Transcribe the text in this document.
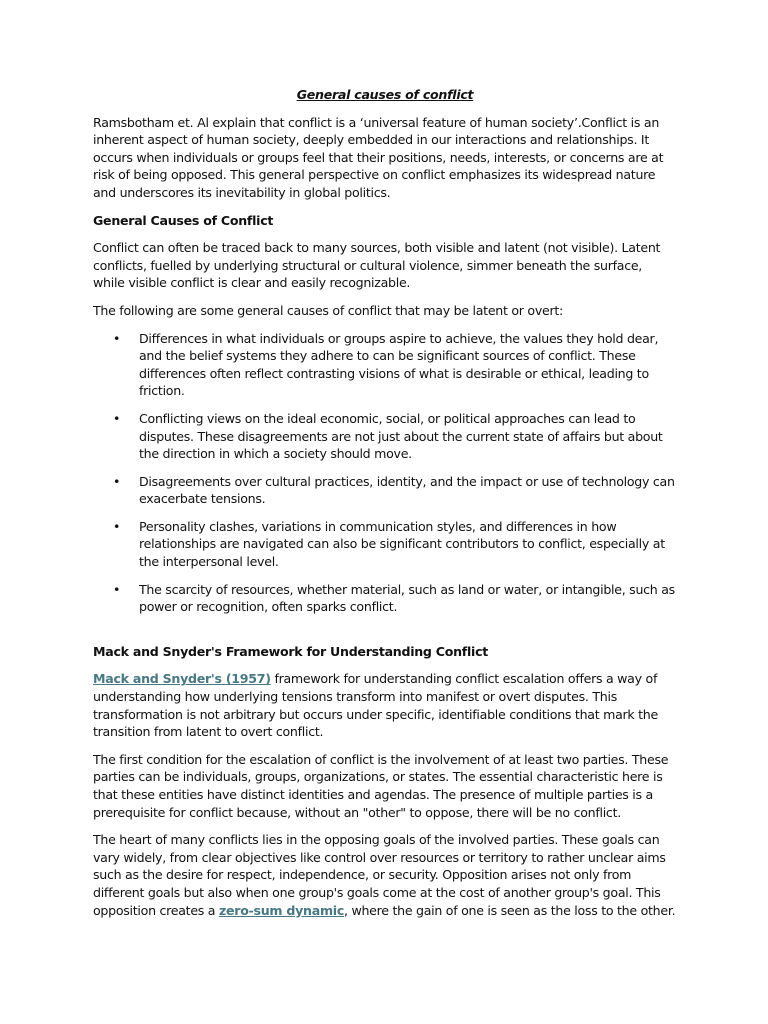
General causes of conflict

Ramsbotham et. Al explain that conflict is a ‘universal feature of human society’.Conflict is an inherent aspect of human society, deeply embedded in our interactions and relationships. It occurs when individuals or groups feel that their positions, needs, interests, or concerns are at risk of being opposed. This general perspective on conflict emphasizes its widespread nature and underscores its inevitability in global politics.

General Causes of Conflict

Conflict can often be traced back to many sources, both visible and latent (not visible). Latent conflicts, fuelled by underlying structural or cultural violence, simmer beneath the surface, while visible conflict is clear and easily recognizable.

The following are some general causes of conflict that may be latent or overt:

• Differences in what individuals or groups aspire to achieve, the values they hold dear, and the belief systems they adhere to can be significant sources of conflict. These differences often reflect contrasting visions of what is desirable or ethical, leading to friction.
• Conflicting views on the ideal economic, social, or political approaches can lead to disputes. These disagreements are not just about the current state of affairs but about the direction in which a society should move.
• Disagreements over cultural practices, identity, and the impact or use of technology can exacerbate tensions.
• Personality clashes, variations in communication styles, and differences in how relationships are navigated can also be significant contributors to conflict, especially at the interpersonal level.
• The scarcity of resources, whether material, such as land or water, or intangible, such as power or recognition, often sparks conflict.

Mack and Snyder's Framework for Understanding Conflict

Mack and Snyder's (1957) framework for understanding conflict escalation offers a way of understanding how underlying tensions transform into manifest or overt disputes. This transformation is not arbitrary but occurs under specific, identifiable conditions that mark the transition from latent to overt conflict.

The first condition for the escalation of conflict is the involvement of at least two parties. These parties can be individuals, groups, organizations, or states. The essential characteristic here is that these entities have distinct identities and agendas. The presence of multiple parties is a prerequisite for conflict because, without an "other" to oppose, there will be no conflict.

The heart of many conflicts lies in the opposing goals of the involved parties. These goals can vary widely, from clear objectives like control over resources or territory to rather unclear aims such as the desire for respect, independence, or security. Opposition arises not only from different goals but also when one group's goals come at the cost of another group's goal. This opposition creates a zero-sum dynamic, where the gain of one is seen as the loss to the other.
